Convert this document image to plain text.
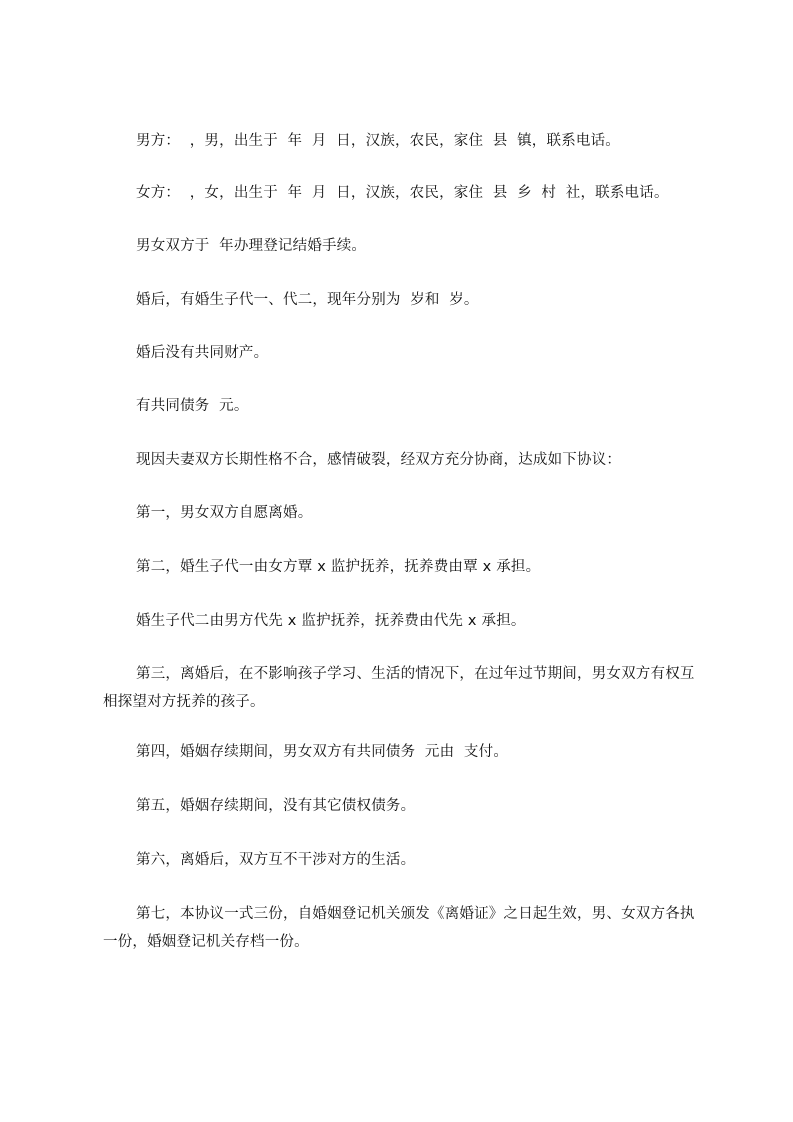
男方：  ，男，出生于  年  月  日，汉族，农民，家住  县  镇，联系电话。

女方：  ，女，出生于  年  月  日，汉族，农民，家住  县  乡  村  社，联系电话。

男女双方于  年办理登记结婚手续。

婚后，有婚生子代一、代二，现年分别为  岁和  岁。

婚后没有共同财产。

有共同债务  元。

现因夫妻双方长期性格不合，感情破裂，经双方充分协商，达成如下协议：

第一，男女双方自愿离婚。

第二，婚生子代一由女方覃 x 监护抚养，抚养费由覃 x 承担。

婚生子代二由男方代先 x 监护抚养，抚养费由代先 x 承担。

第三，离婚后，在不影响孩子学习、生活的情况下，在过年过节期间，男女双方有权互相探望对方抚养的孩子。

第四，婚姻存续期间，男女双方有共同债务  元由  支付。

第五，婚姻存续期间，没有其它债权债务。

第六，离婚后，双方互不干涉对方的生活。

第七，本协议一式三份，自婚姻登记机关颁发《离婚证》之日起生效，男、女双方各执一份，婚姻登记机关存档一份。
